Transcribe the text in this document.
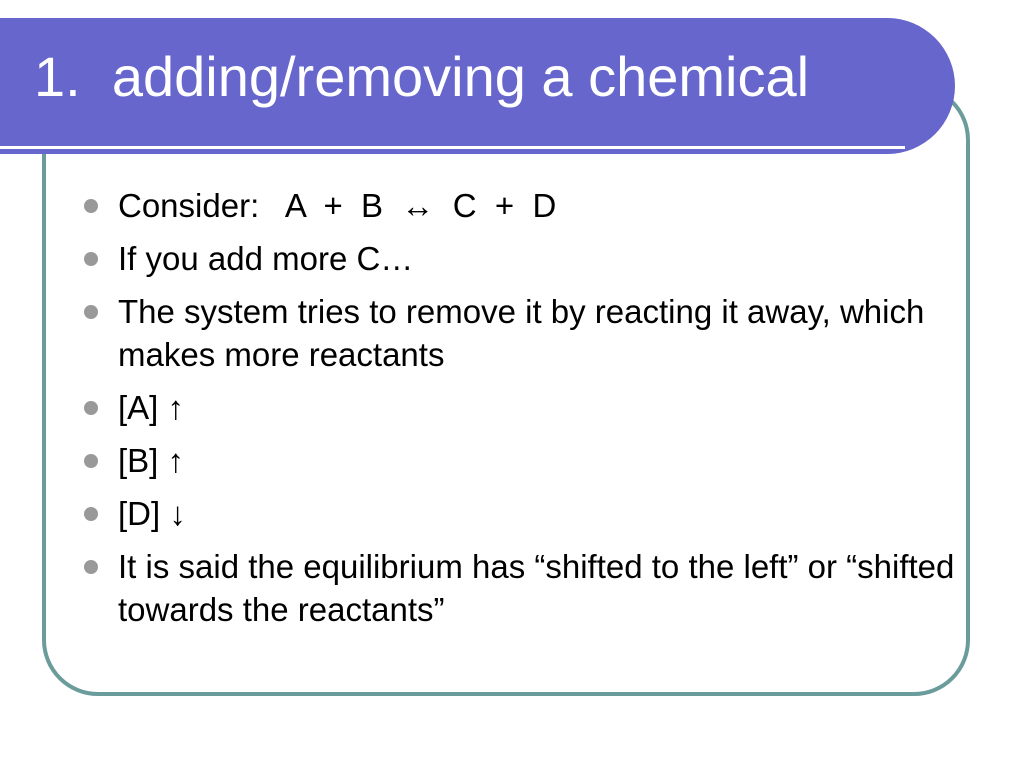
1.  adding/removing a chemical
Consider:   A  +  B  ↔  C  +  D
If you add more C…
The system tries to remove it by reacting it away, which makes more reactants
[A] ↑
[B] ↑
[D] ↓
It is said the equilibrium has “shifted to the left” or “shifted towards the reactants”
